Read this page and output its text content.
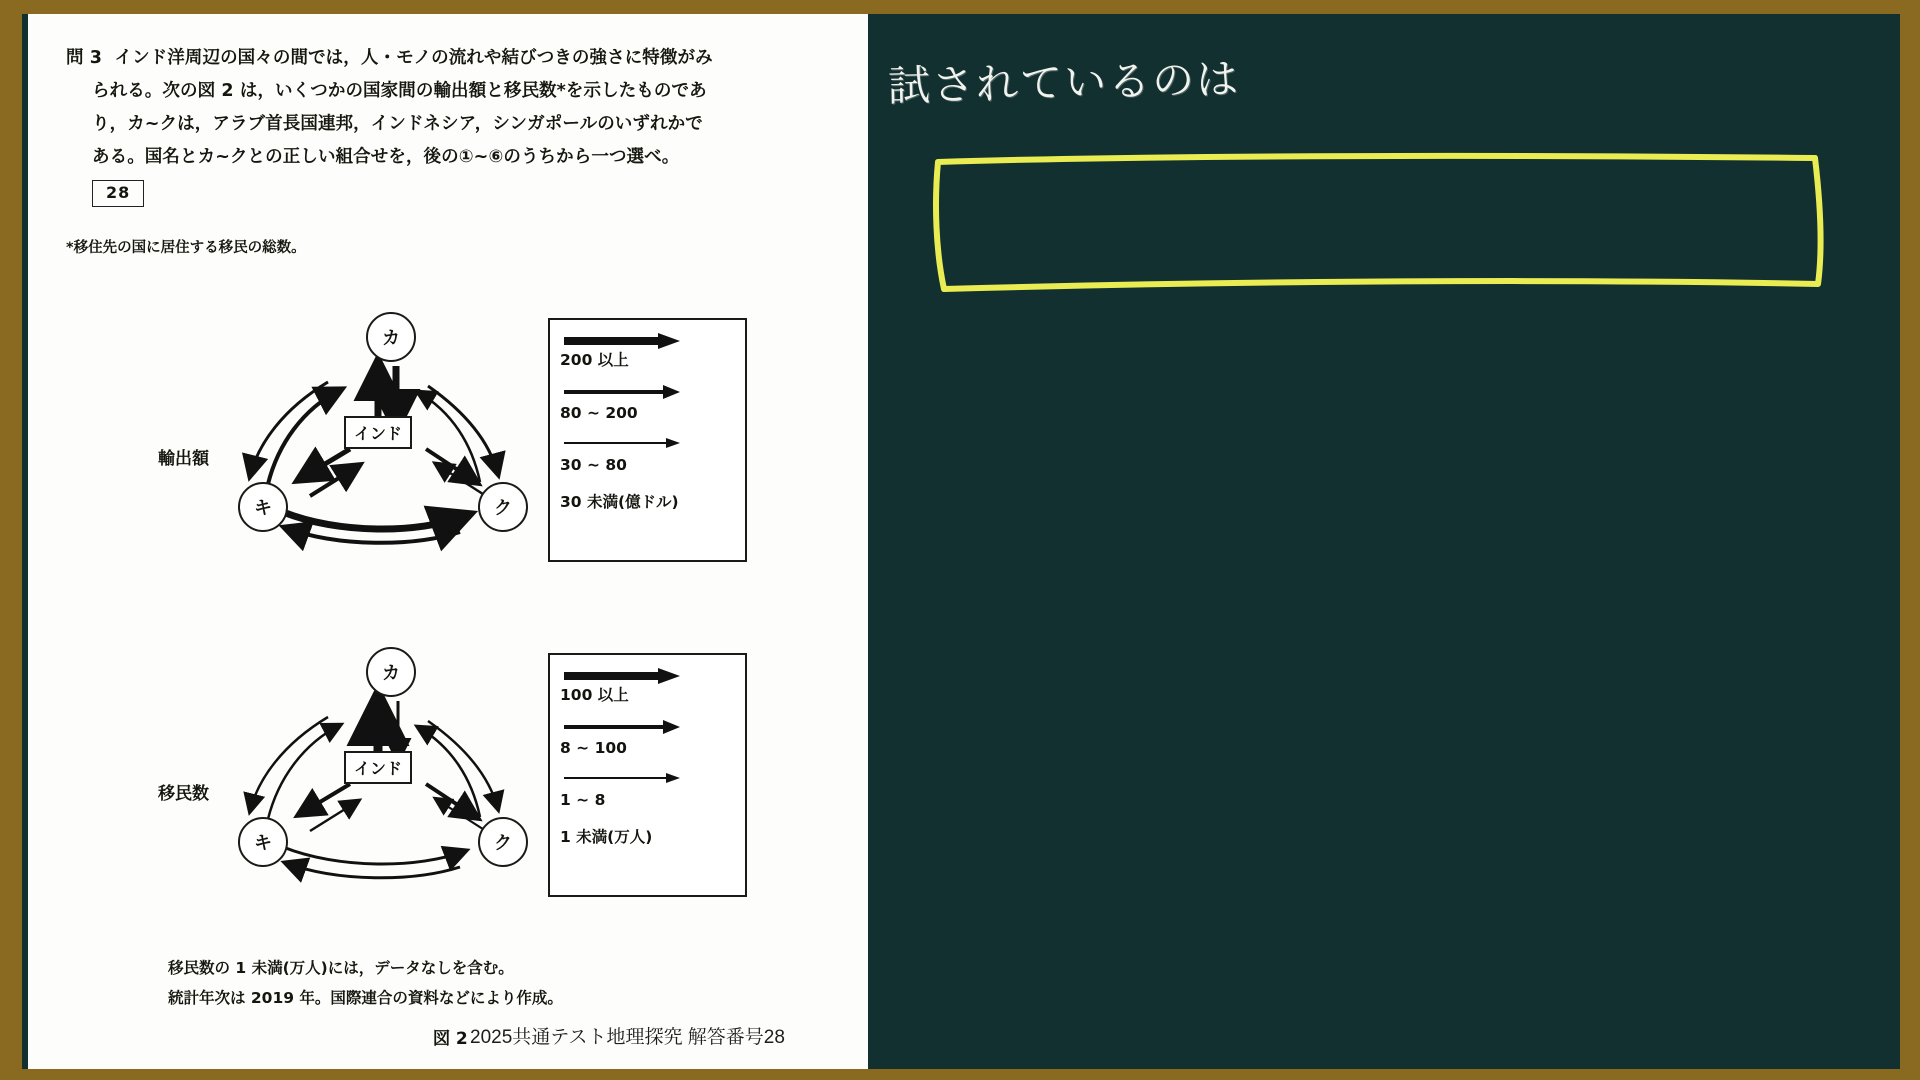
問 3 インド洋周辺の国々の間では，人・モノの流れや結びつきの強さに特徴がみ
られる。次の図 2 は，いくつかの国家間の輸出額と移民数*を示したものであ
り，カ~クは，アラブ首長国連邦，インドネシア，シンガポールのいずれかで
ある。国名とカ~クとの正しい組合せを，後の①~⑥のうちから一つ選べ。
28
*移住先の国に居住する移民の総数。
輸出額
カ
キ	ク
インド
200 以上
80 ~ 200
30 ~ 80
30 未満(億ドル)
移民数
カ
キ	ク
インド
100 以上
8 ~ 100
1 ~ 8
1 未満(万人)
移民数の 1 未満(万人)には，データなしを含む。
統計年次は 2019 年。国際連合の資料などにより作成。
図 2 2025共通テスト地理探究 解答番号28
試されているのは
